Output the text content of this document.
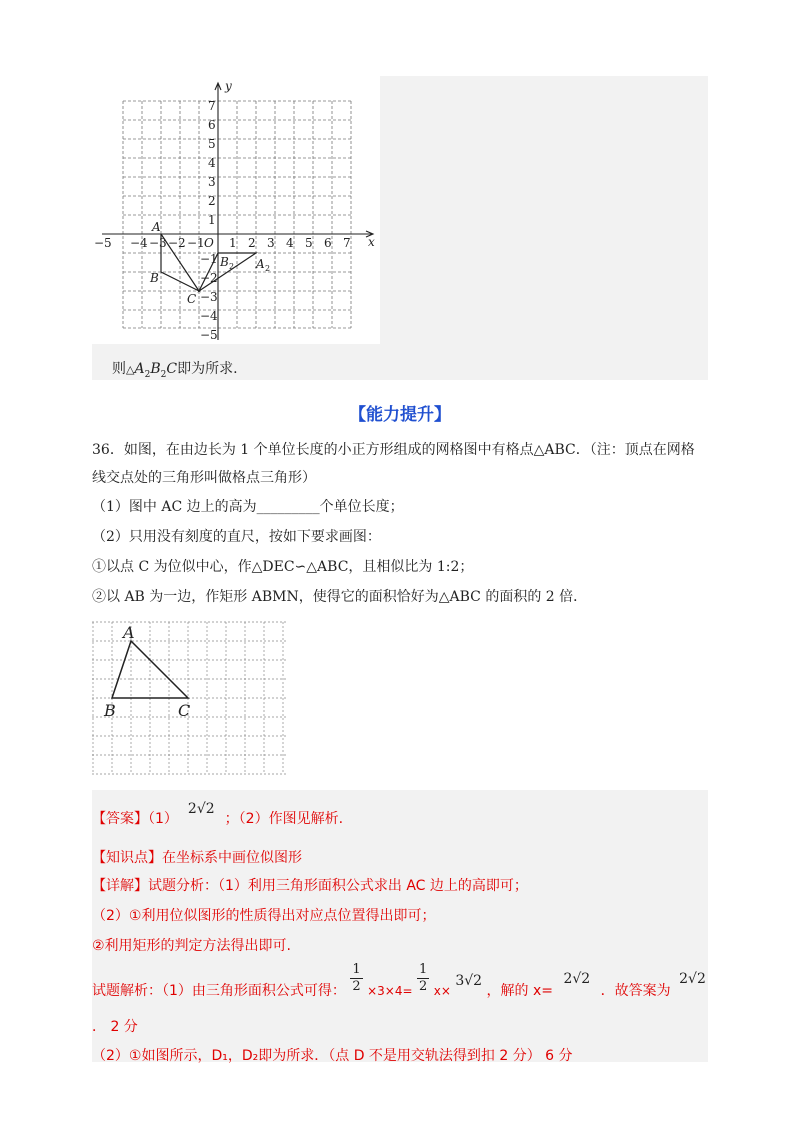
y
x
O
−5 −4 −3 −2 −1 1 2 3 4 5 6 7
7
6
5
4
3
2
1
−1
−2
−3
−4
−5
A
B
C
B 2 A 2
则$\triangle A_2B_2C$即为所求.
【能力提升】
36．如图，在由边长为 1 个单位长度的小正方形组成的网格图中有格点△ABC．（注：顶点在网格
线交点处的三角形叫做格点三角形）
（1）图中 AC 边上的高为_________个单位长度；
（2）只用没有刻度的直尺，按如下要求画图：
①以点 C 为位似中心，作△DEC∽△ABC，且相似比为 1:2；
②以 AB 为一边，作矩形 ABMN，使得它的面积恰好为△ABC 的面积的 2 倍．
A
B	C
【答案】（1）2√2；（2）作图见解析.
【知识点】在坐标系中画位似图形
【详解】试题分析：（1）利用三角形面积公式求出 AC 边上的高即可；
（2）①利用位似图形的性质得出对应点位置得出即可；
②利用矩形的判定方法得出即可.
试题解析：（1）由三角形面积公式可得： $\frac{1}{2} \times 3\times 4= \frac{1}{2} x\times 3√2$ ，解的 x= 2√2 ．故答案为 2√2
． 2 分
（2）①如图所示，D₁，D₂即为所求．（点 D 不是用交轨法得到扣 2 分） 6 分
